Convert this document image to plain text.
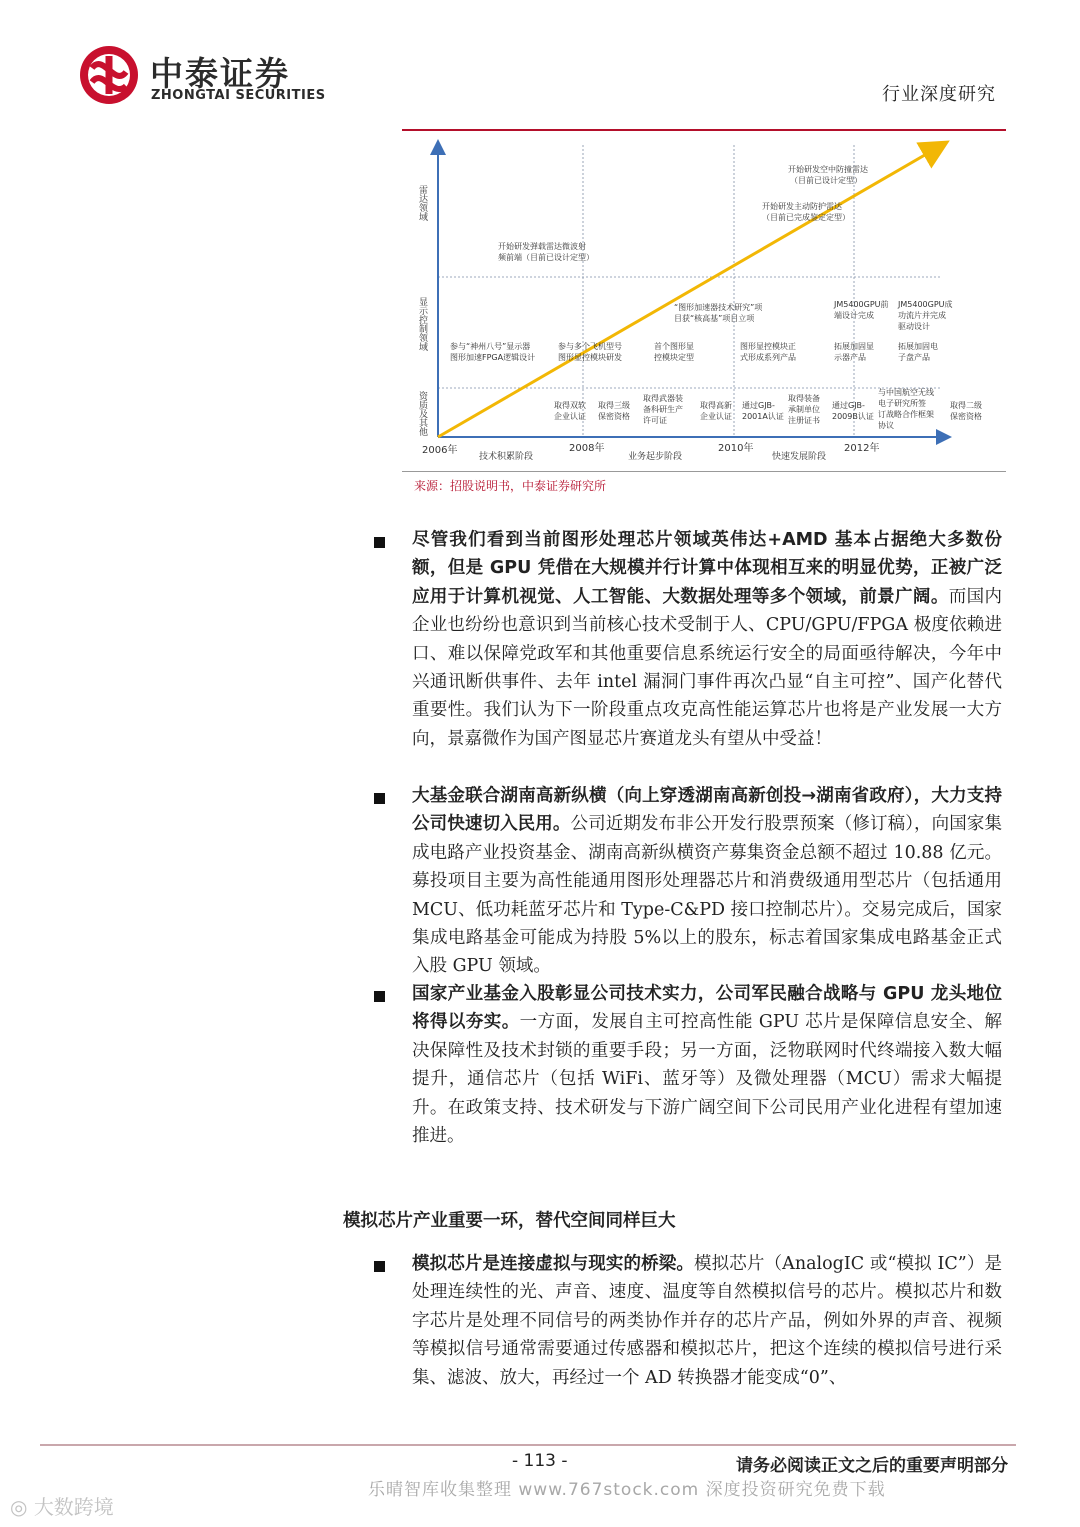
中泰证券
ZHONGTAI SECURITIES	行业深度研究
雷达领域
显示控制领域
资质及其他
2006年	2008年	2010年	2012年
技术积累阶段	业务起步阶段	快速发展阶段
开始研发弹载雷达微波射
频前端（目前已设计定型）
开始研发主动防护雷达
（目前已完成鉴定定型）
开始研发空中防撞雷达
（目前已设计定型）
参与“神州八号”显示器
图形加速FPGA逻辑设计
参与多个飞机型号
图形显控模块研发
首个图形显
控模块定型
“图形加速器技术研究”项
目获“核高基”项目立项
图形显控模块正
式形成系列产品
JM5400GPU前
端设计完成
JM5400GPU成
功流片并完成
驱动设计
拓展加固显
示器产品
拓展加固电
子盘产品
取得双软
企业认证
取得三级
保密资格
取得武器装
备科研生产
许可证
取得高新
企业认证
通过GJB-
2001A认证
取得装备
承制单位
注册证书
通过GJB-
2009B认证
与中国航空无线
电子研究所签
订战略合作框架
协议
取得二级
保密资格
来源：招股说明书，中泰证券研究所
尽管我们看到当前图形处理芯片领域英伟达+AMD 基本占据绝大多数份额，但是 GPU 凭借在大规模并行计算中体现相互来的明显优势，正被广泛应用于计算机视觉、人工智能、大数据处理等多个领域，前景广阔。而国内企业也纷纷也意识到当前核心技术受制于人、CPU/GPU/FPGA 极度依赖进口、难以保障党政军和其他重要信息系统运行安全的局面亟待解决，今年中兴通讯断供事件、去年 intel 漏洞门事件再次凸显“自主可控”、国产化替代重要性。我们认为下一阶段重点攻克高性能运算芯片也将是产业发展一大方向，景嘉微作为国产图显芯片赛道龙头有望从中受益！
大基金联合湖南高新纵横（向上穿透湖南高新创投→湖南省政府），大力支持公司快速切入民用。公司近期发布非公开发行股票预案（修订稿），向国家集成电路产业投资基金、湖南高新纵横资产募集资金总额不超过 10.88 亿元。募投项目主要为高性能通用图形处理器芯片和消费级通用型芯片（包括通用 MCU、低功耗蓝牙芯片和 Type-C&PD 接口控制芯片）。交易完成后，国家集成电路基金可能成为持股 5%以上的股东，标志着国家集成电路基金正式入股 GPU 领域。
国家产业基金入股彰显公司技术实力，公司军民融合战略与 GPU 龙头地位将得以夯实。一方面，发展自主可控高性能 GPU 芯片是保障信息安全、解决保障性及技术封锁的重要手段；另一方面，泛物联网时代终端接入数大幅提升，通信芯片（包括 WiFi、蓝牙等）及微处理器（MCU）需求大幅提升。在政策支持、技术研发与下游广阔空间下公司民用产业化进程有望加速推进。
模拟芯片产业重要一环，替代空间同样巨大
模拟芯片是连接虚拟与现实的桥梁。模拟芯片（AnalogIC 或“模拟 IC”）是处理连续性的光、声音、速度、温度等自然模拟信号的芯片。模拟芯片和数字芯片是处理不同信号的两类协作并存的芯片产品，例如外界的声音、视频等模拟信号通常需要通过传感器和模拟芯片，把这个连续的模拟信号进行采集、滤波、放大，再经过一个 AD 转换器才能变成“0”、
- 113 -	请务必阅读正文之后的重要声明部分
乐晴智库收集整理 www.767stock.com 深度投资研究免费下载
◎ 大数跨境
